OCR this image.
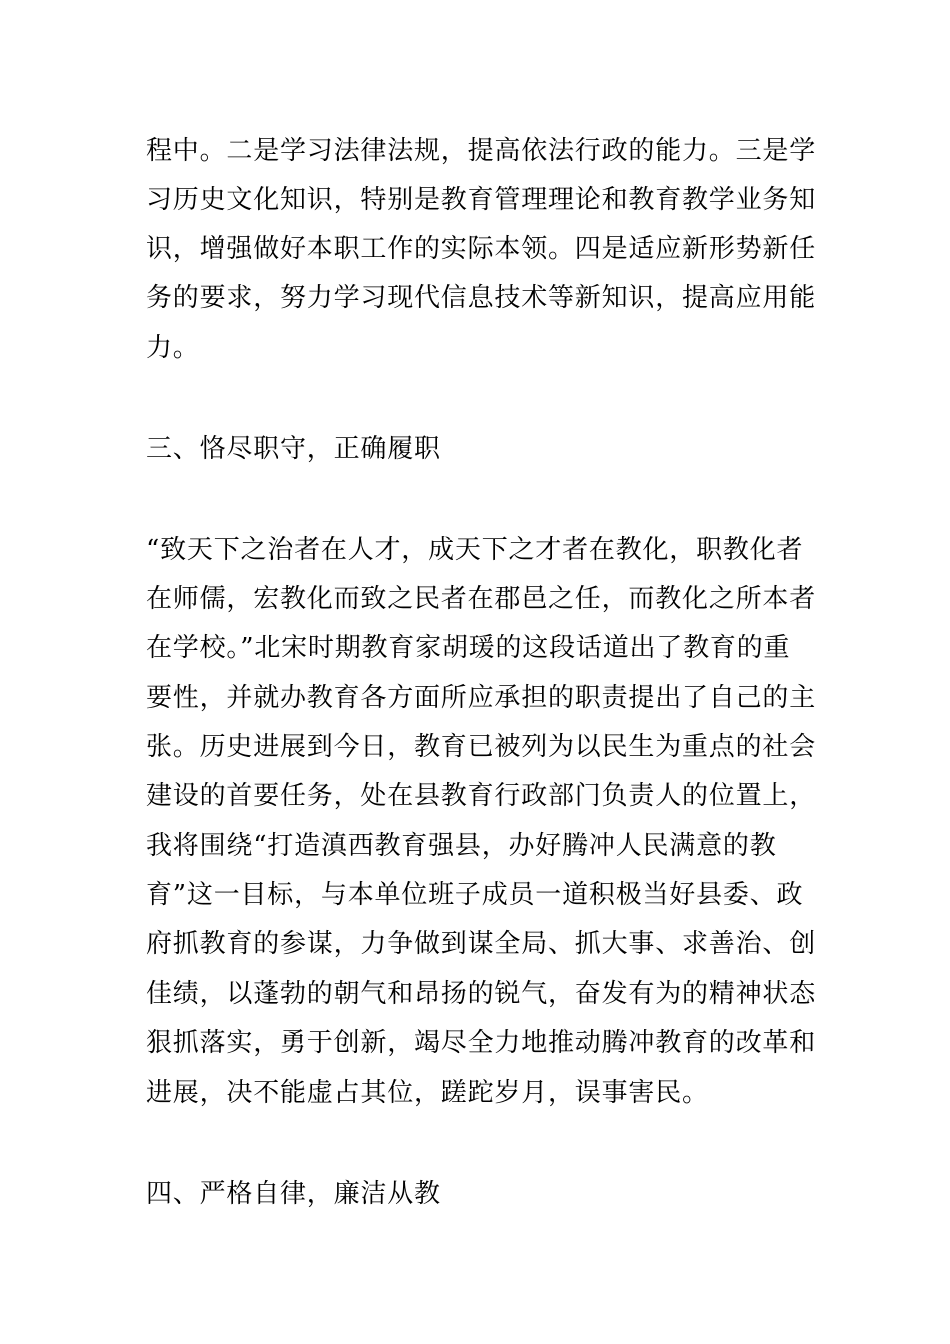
程中。二是学习法律法规，提高依法行政的能力。三是学

习历史文化知识，特别是教育管理理论和教育教学业务知

识，增强做好本职工作的实际本领。四是适应新形势新任

务的要求，努力学习现代信息技术等新知识，提高应用能

力。

三、恪尽职守，正确履职

“致天下之治者在人才，成天下之才者在教化，职教化者

在师儒，宏教化而致之民者在郡邑之任，而教化之所本者

在学校。”北宋时期教育家胡瑗的这段话道出了教育的重

要性，并就办教育各方面所应承担的职责提出了自己的主

张。历史进展到今日，教育已被列为以民生为重点的社会

建设的首要任务，处在县教育行政部门负责人的位置上，

我将围绕“打造滇西教育强县，办好腾冲人民满意的教

育”这一目标，与本单位班子成员一道积极当好县委、政

府抓教育的参谋，力争做到谋全局、抓大事、求善治、创

佳绩，以蓬勃的朝气和昂扬的锐气，奋发有为的精神状态

狠抓落实，勇于创新，竭尽全力地推动腾冲教育的改革和

进展，决不能虚占其位，蹉跎岁月，误事害民。

四、严格自律，廉洁从教
